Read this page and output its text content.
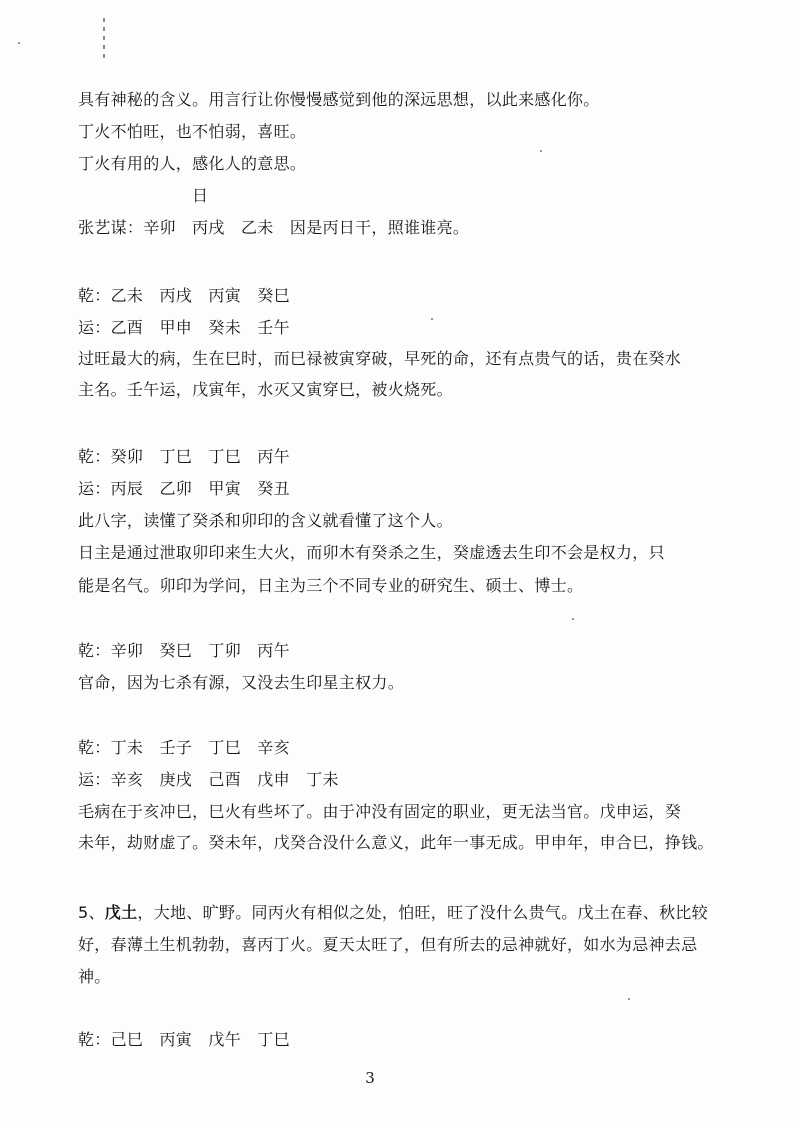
具有神秘的含义。用言行让你慢慢感觉到他的深远思想，以此来感化你。
丁火不怕旺，也不怕弱，喜旺。
丁火有用的人，感化人的意思。
日
张艺谋：辛卯　丙戌　乙未　因是丙日干，照谁谁亮。
乾：乙未　丙戌　丙寅　癸巳
运：乙酉　甲申　癸未　壬午
过旺最大的病，生在巳时，而巳禄被寅穿破，早死的命，还有点贵气的话，贵在癸水
主名。壬午运，戊寅年，水灭又寅穿巳，被火烧死。
乾：癸卯　丁巳　丁巳　丙午
运：丙辰　乙卯　甲寅　癸丑
此八字，读懂了癸杀和卯印的含义就看懂了这个人。
日主是通过泄取卯印来生大火，而卯木有癸杀之生，癸虚透去生印不会是权力，只
能是名气。卯印为学问，日主为三个不同专业的研究生、硕士、博士。
乾：辛卯　癸巳　丁卯　丙午
官命，因为七杀有源，又没去生印星主权力。
乾：丁未　壬子　丁巳　辛亥
运：辛亥　庚戌　己酉　戊申　丁未
毛病在于亥冲巳，巳火有些坏了。由于冲没有固定的职业，更无法当官。戊申运，癸
未年，劫财虚了。癸未年，戊癸合没什么意义，此年一事无成。甲申年，申合巳，挣钱。
5、戊土，大地、旷野。同丙火有相似之处，怕旺，旺了没什么贵气。戊土在春、秋比较
好，春薄土生机勃勃，喜丙丁火。夏天太旺了，但有所去的忌神就好，如水为忌神去忌
神。
乾：己巳　丙寅　戊午　丁巳
3
